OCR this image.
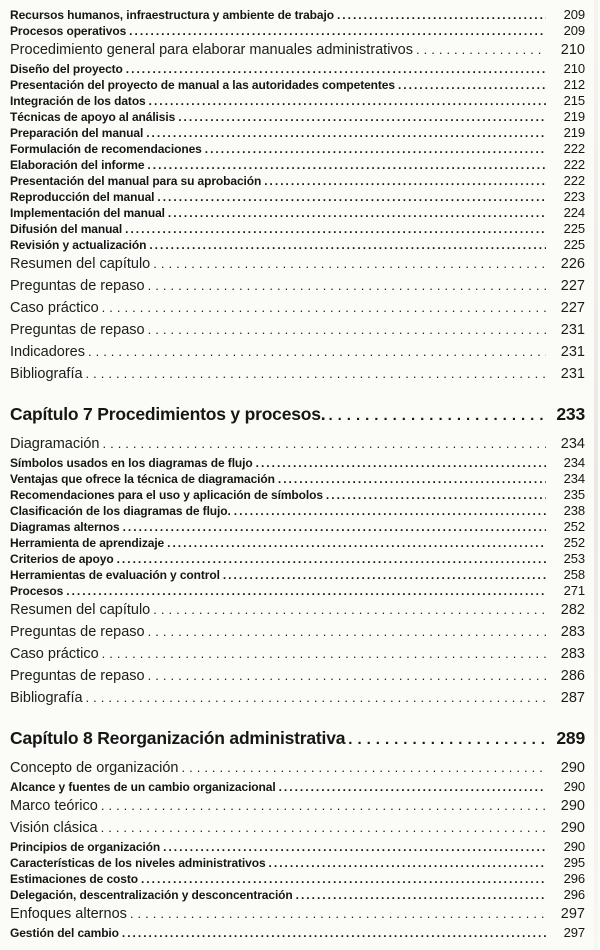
Recursos humanos, infraestructura y ambiente de trabajo .....	209
Procesos operativos .....	209
Procedimiento general para elaborar manuales administrativos .....	210
Diseño del proyecto .....	210
Presentación del proyecto de manual a las autoridades competentes .....	212
Integración de los datos .....	215
Técnicas de apoyo al análisis .....	219
Preparación del manual .....	219
Formulación de recomendaciones .....	222
Elaboración del informe .....	222
Presentación del manual para su aprobación .....	222
Reproducción del manual .....	223
Implementación del manual .....	224
Difusión del manual .....	225
Revisión y actualización .....	225
Resumen del capítulo .....	226
Preguntas de repaso .....	227
Caso práctico .....	227
Preguntas de repaso .....	231
Indicadores .....	231
Bibliografía .....	231
Capítulo 7 Procedimientos y procesos. .....	233
Diagramación .....	234
Símbolos usados en los diagramas de flujo .....	234
Ventajas que ofrece la técnica de diagramación .....	234
Recomendaciones para el uso y aplicación de símbolos .....	235
Clasificación de los diagramas de flujo. .....	238
Diagramas alternos .....	252
Herramienta de aprendizaje .....	252
Criterios de apoyo .....	253
Herramientas de evaluación y control .....	258
Procesos .....	271
Resumen del capítulo .....	282
Preguntas de repaso .....	283
Caso práctico .....	283
Preguntas de repaso .....	286
Bibliografía .....	287
Capítulo 8 Reorganización administrativa .....	289
Concepto de organización .....	290
Alcance y fuentes de un cambio organizacional .....	290
Marco teórico .....	290
Visión clásica .....	290
Principios de organización .....	290
Características de los niveles administrativos .....	295
Estimaciones de costo .....	296
Delegación, descentralización y desconcentración .....	296
Enfoques alternos .....	297
Gestión del cambio .....	297
